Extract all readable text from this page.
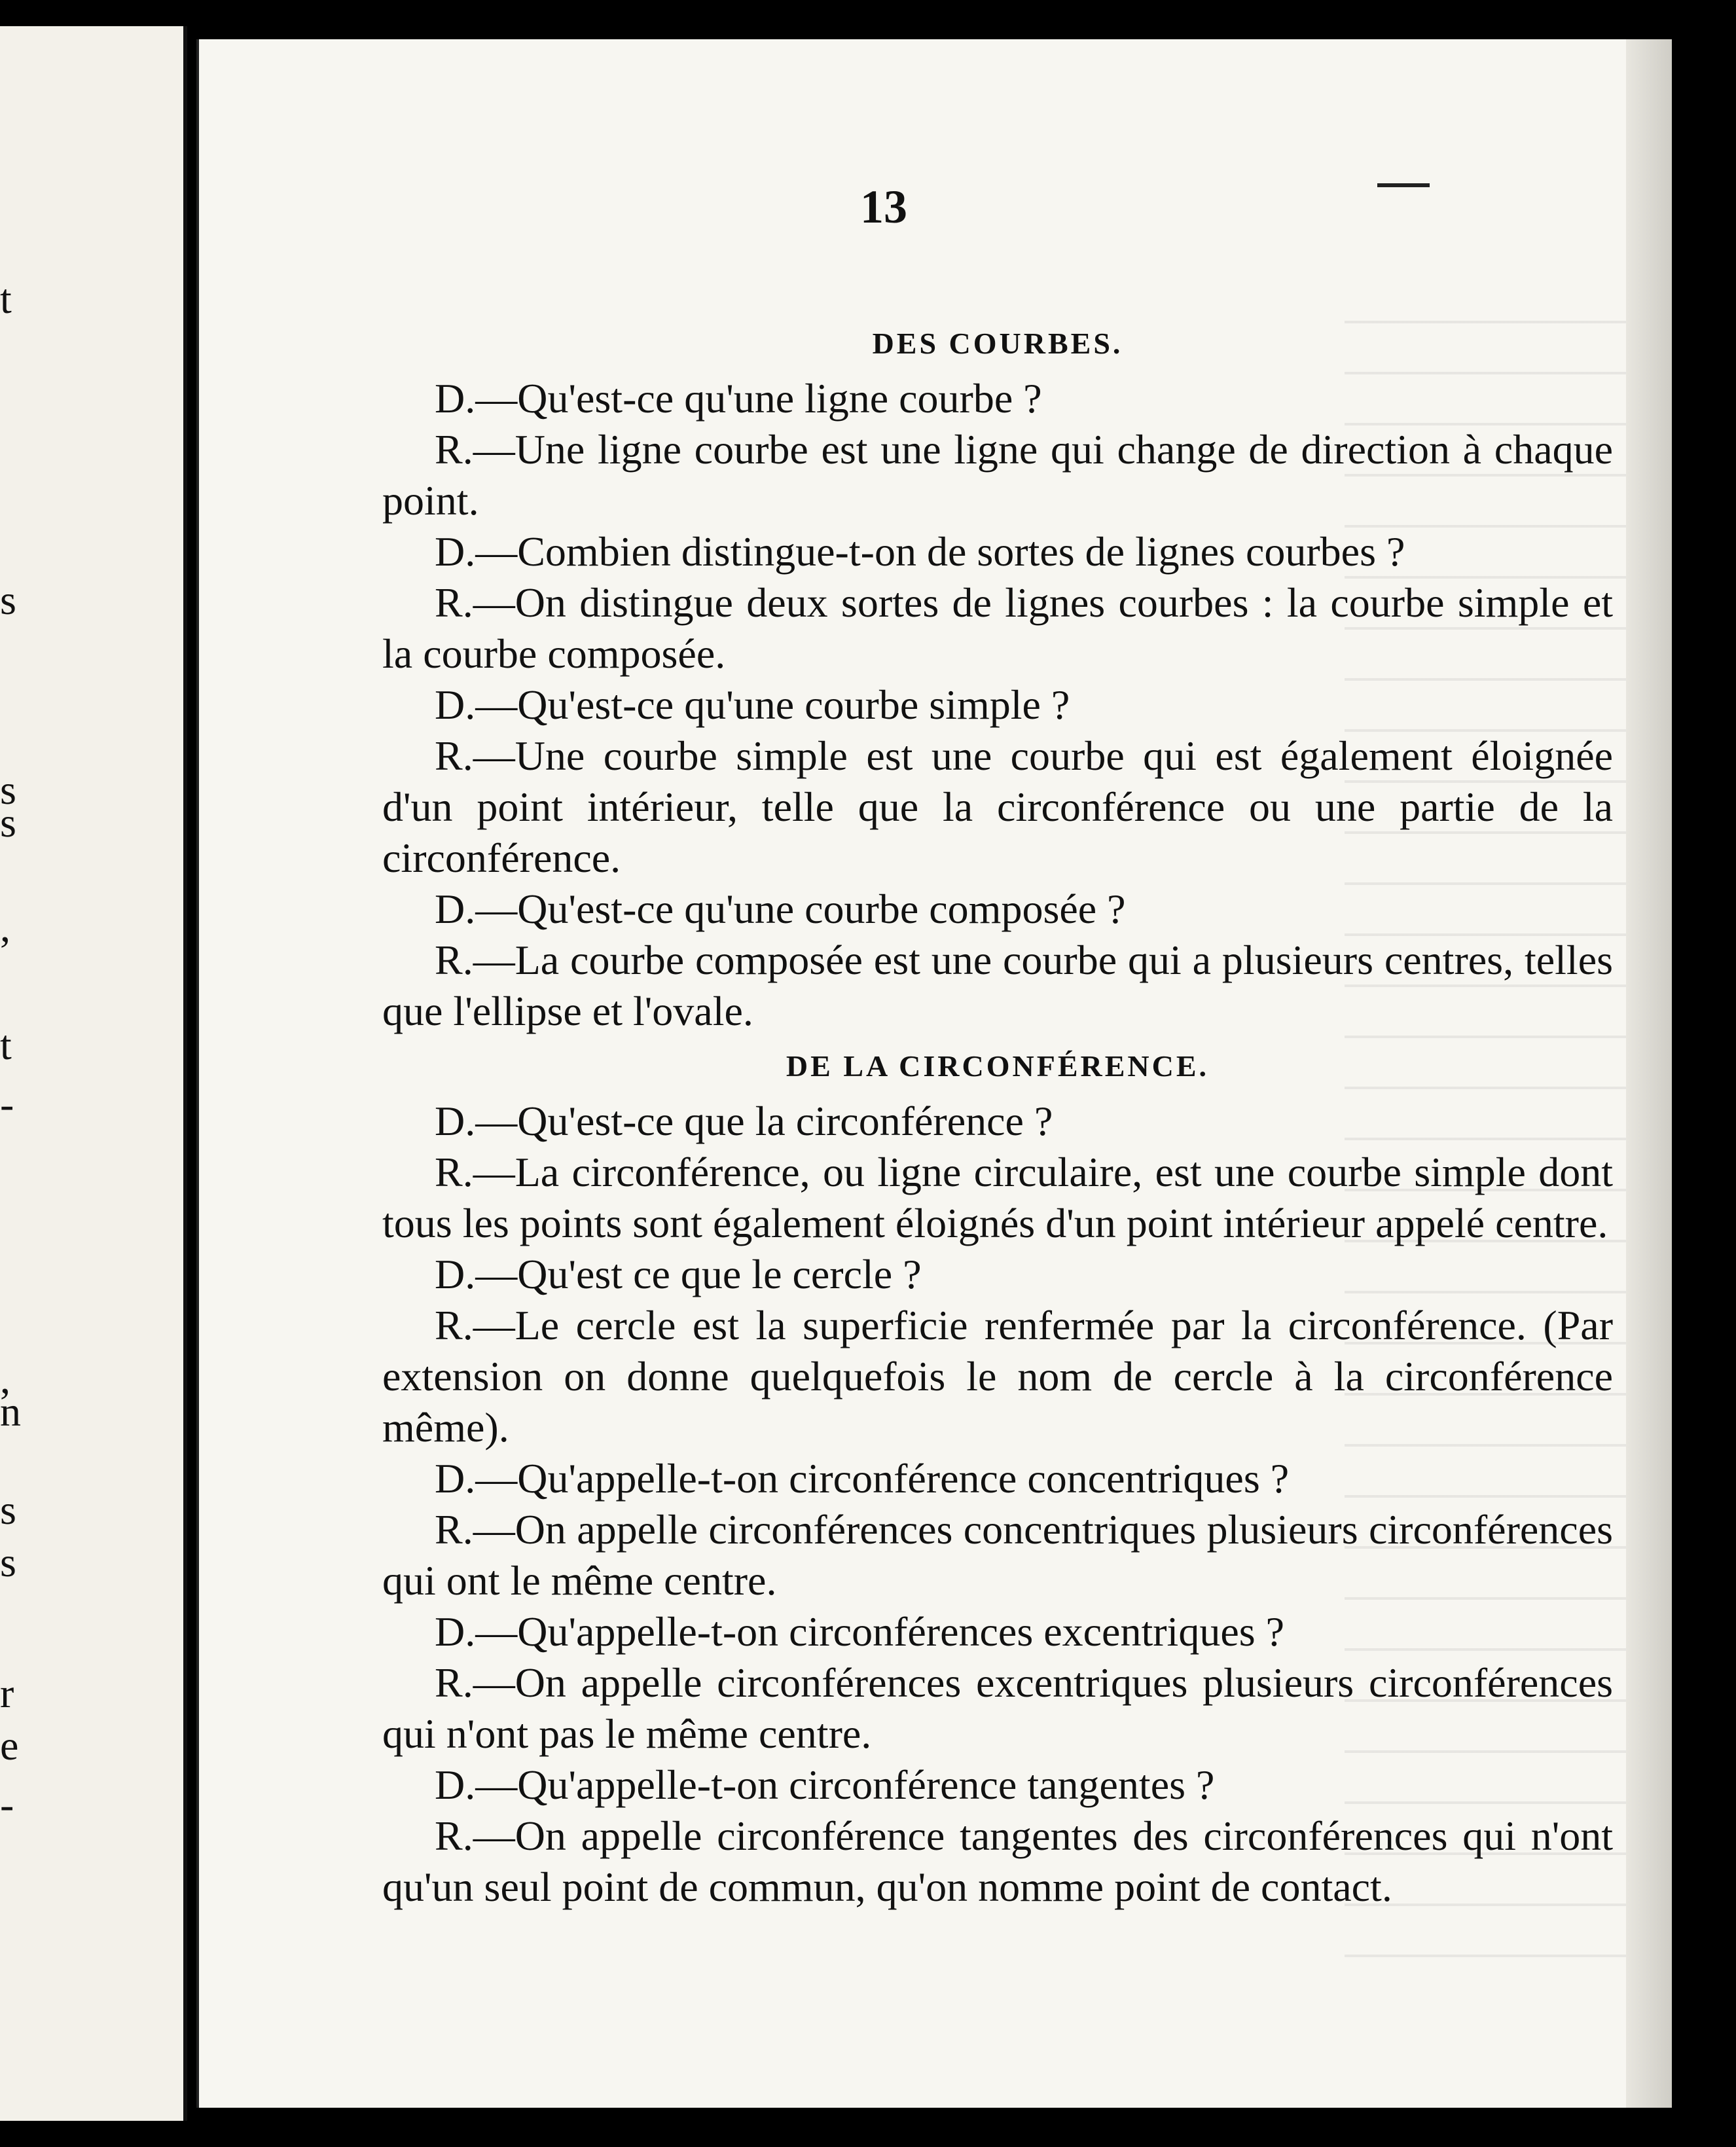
t
s
s
s
,
t
-
,
n
s
s
r
e
-
13
DES COURBES.

D.—Qu'est-ce qu'une ligne courbe ?

R.—Une ligne courbe est une ligne qui change de direction à chaque point.

D.—Combien distingue-t-on de sortes de lignes courbes ?

R.—On distingue deux sortes de lignes courbes : la courbe simple et la courbe composée.

D.—Qu'est-ce qu'une courbe simple ?

R.—Une courbe simple est une courbe qui est également éloignée d'un point intérieur, telle que la circonférence ou une partie de la circonférence.

D.—Qu'est-ce qu'une courbe composée ?

R.—La courbe composée est une courbe qui a plusieurs centres, telles que l'ellipse et l'ovale.

DE LA CIRCONFÉRENCE.

D.—Qu'est-ce que la circonférence ?

R.—La circonférence, ou ligne circulaire, est une courbe simple dont tous les points sont également éloignés d'un point intérieur appelé centre.

D.—Qu'est ce que le cercle ?

R.—Le cercle est la superficie renfermée par la circonférence. (Par extension on donne quelquefois le nom de cercle à la circonférence même).

D.—Qu'appelle-t-on circonférence concentriques ?

R.—On appelle circonférences concentriques plusieurs circonférences qui ont le même centre.

D.—Qu'appelle-t-on circonférences excentriques ?

R.—On appelle circonférences excentriques plusieurs circonférences qui n'ont pas le même centre.

D.—Qu'appelle-t-on circonférence tangentes ?

R.—On appelle circonférence tangentes des circonférences qui n'ont qu'un seul point de commun, qu'on nomme point de contact.
